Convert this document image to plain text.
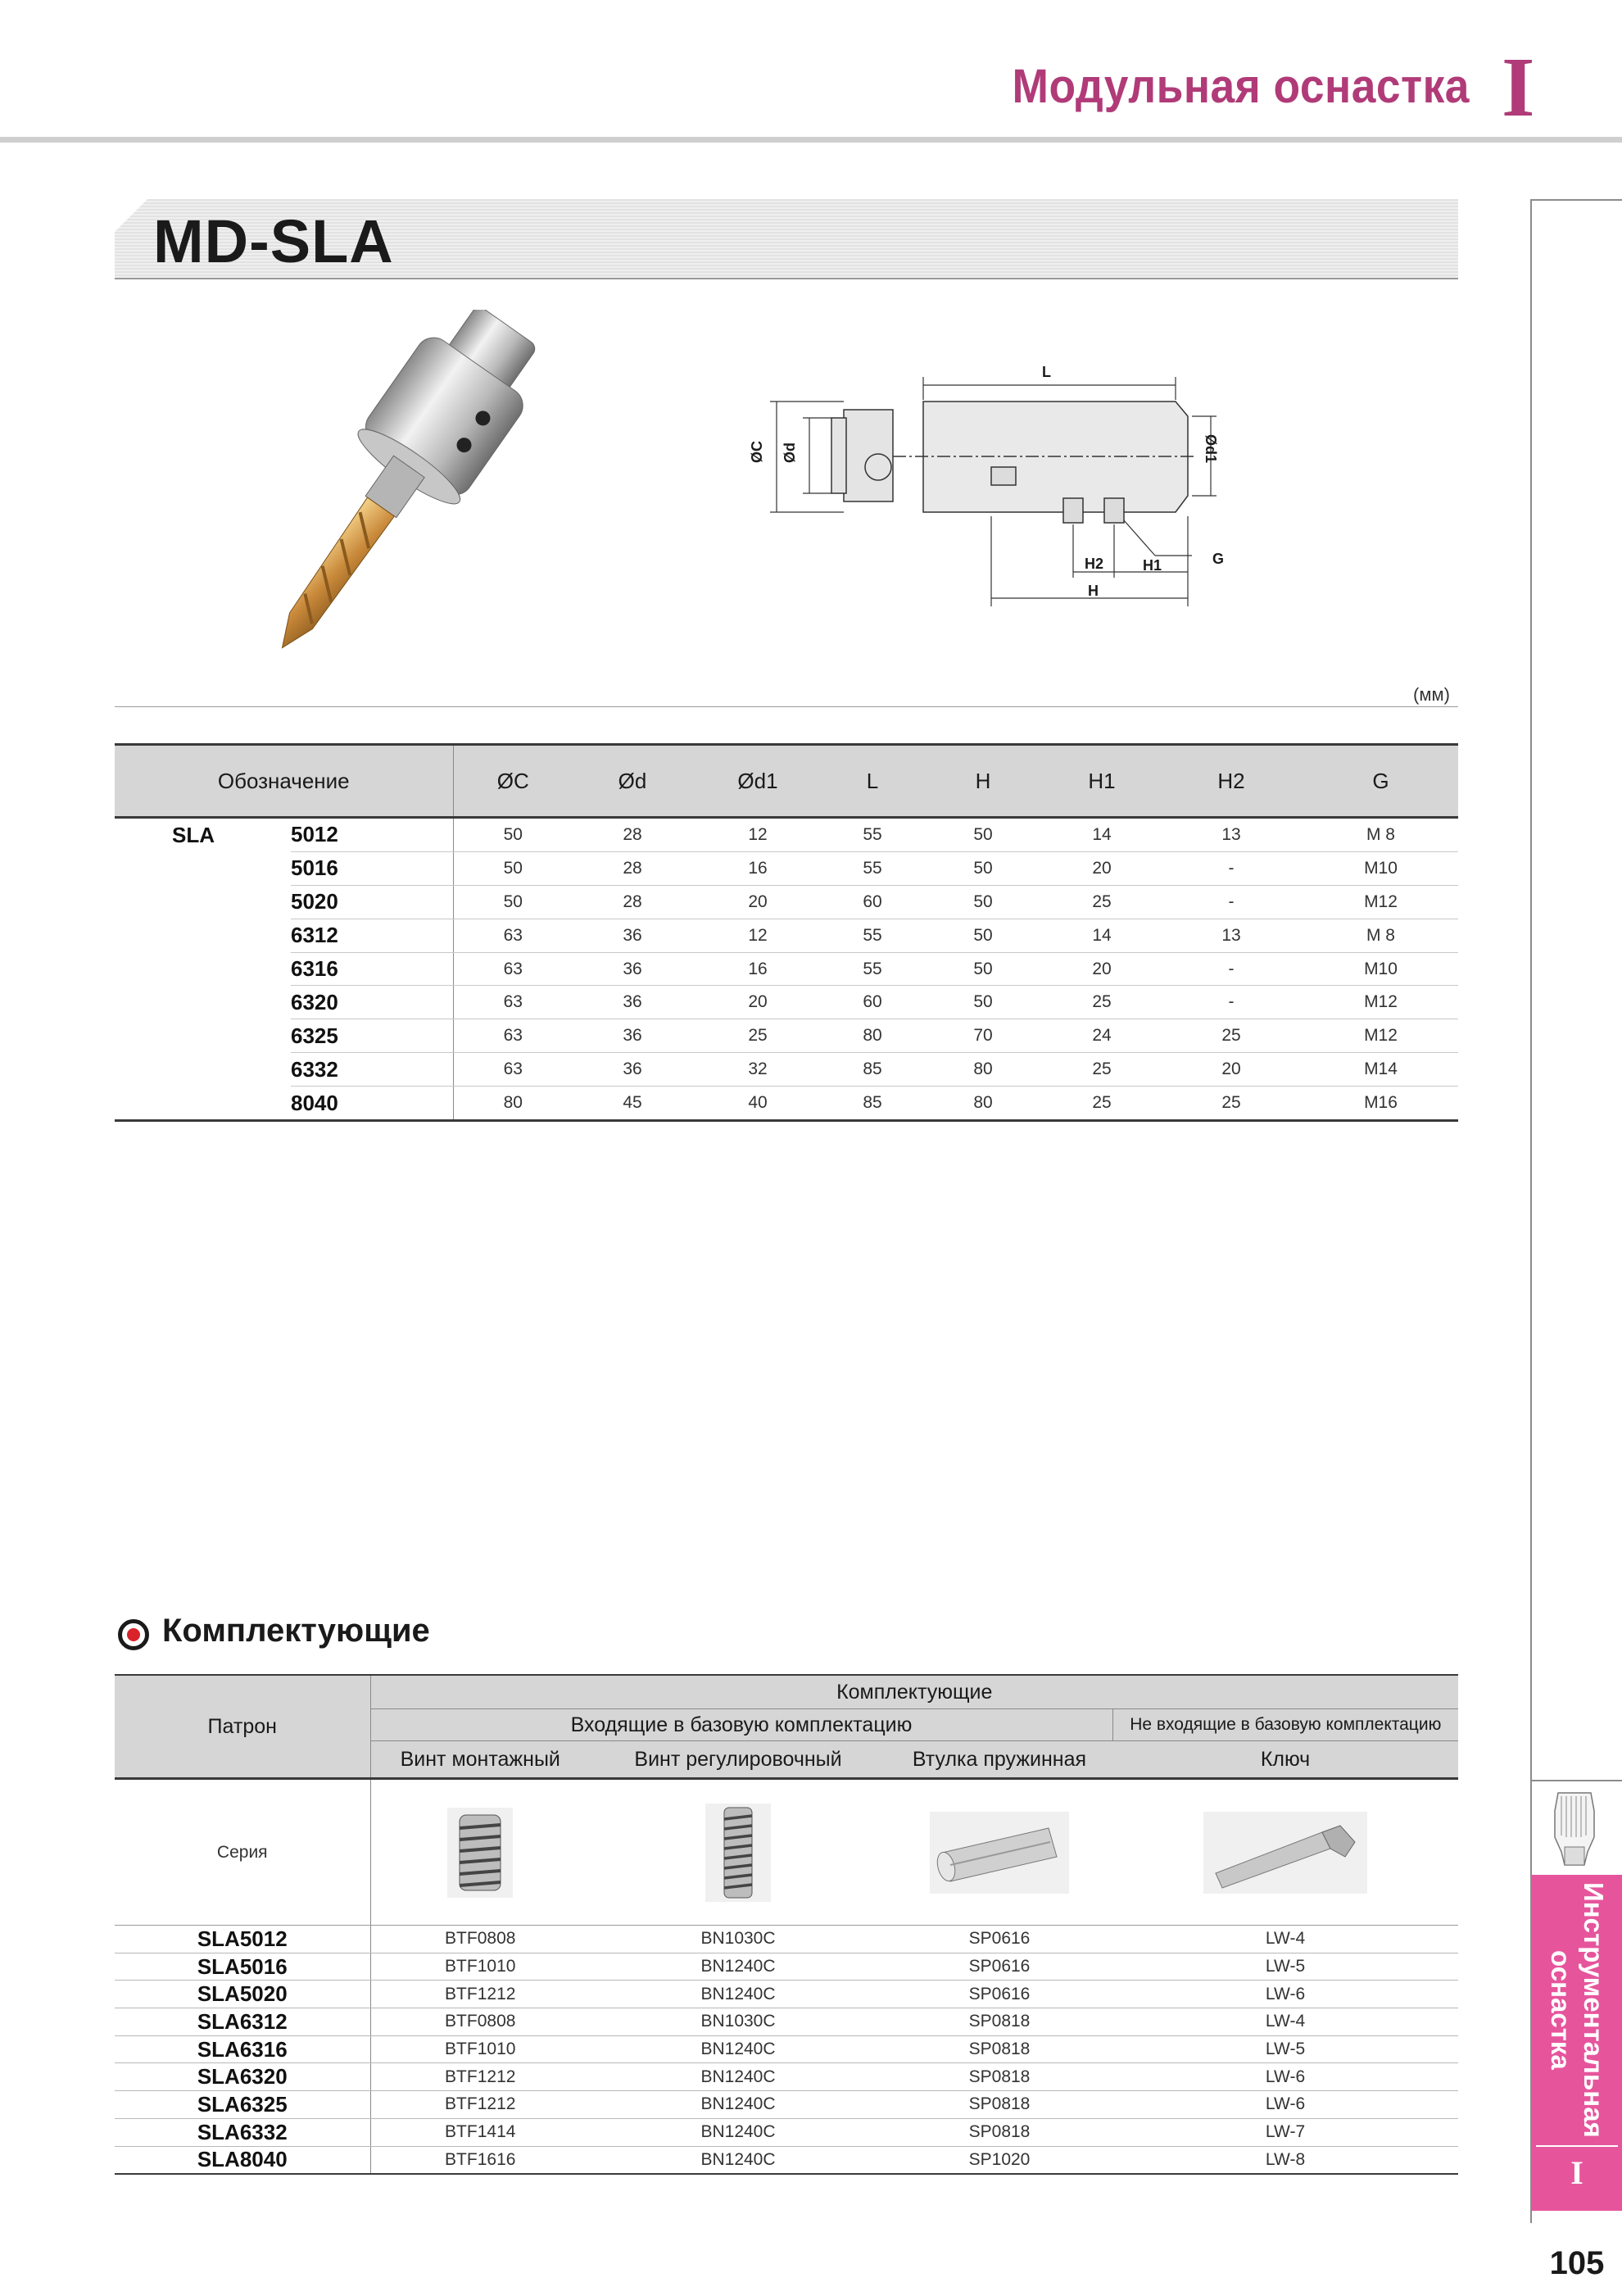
Модульная оснастка I
Инструментальная оснастка
I
105
MD-SLA
L
ØC Ød	Ød1
H2	H1
H
G
(мм)
Обозначение		ØC	Ød	Ød1	L	H	H1	H2	G
SLA	5012	50	28	12	55	50	14	13	M 8
	5016	50	28	16	55	50	20	-	M10
	5020	50	28	20	60	50	25	-	M12
	6312	63	36	12	55	50	14	13	M 8
	6316	63	36	16	55	50	20	-	M10
	6320	63	36	20	60	50	25	-	M12
	6325	63	36	25	80	70	24	25	M12
	6332	63	36	32	85	80	25	20	M14
	8040	80	45	40	85	80	25	25	M16
Комплектующие
Патрон	Комплектующие			
	Входящие в базовую комплектацию			Не входящие в базовую комплектацию
	Винт монтажный	Винт регулировочный	Втулка пружинная	Ключ
Серия				
SLA5012	BTF0808	BN1030C	SP0616	LW-4
SLA5016	BTF1010	BN1240C	SP0616	LW-5
SLA5020	BTF1212	BN1240C	SP0616	LW-6
SLA6312	BTF0808	BN1030C	SP0818	LW-4
SLA6316	BTF1010	BN1240C	SP0818	LW-5
SLA6320	BTF1212	BN1240C	SP0818	LW-6
SLA6325	BTF1212	BN1240C	SP0818	LW-6
SLA6332	BTF1414	BN1240C	SP0818	LW-7
SLA8040	BTF1616	BN1240C	SP1020	LW-8
